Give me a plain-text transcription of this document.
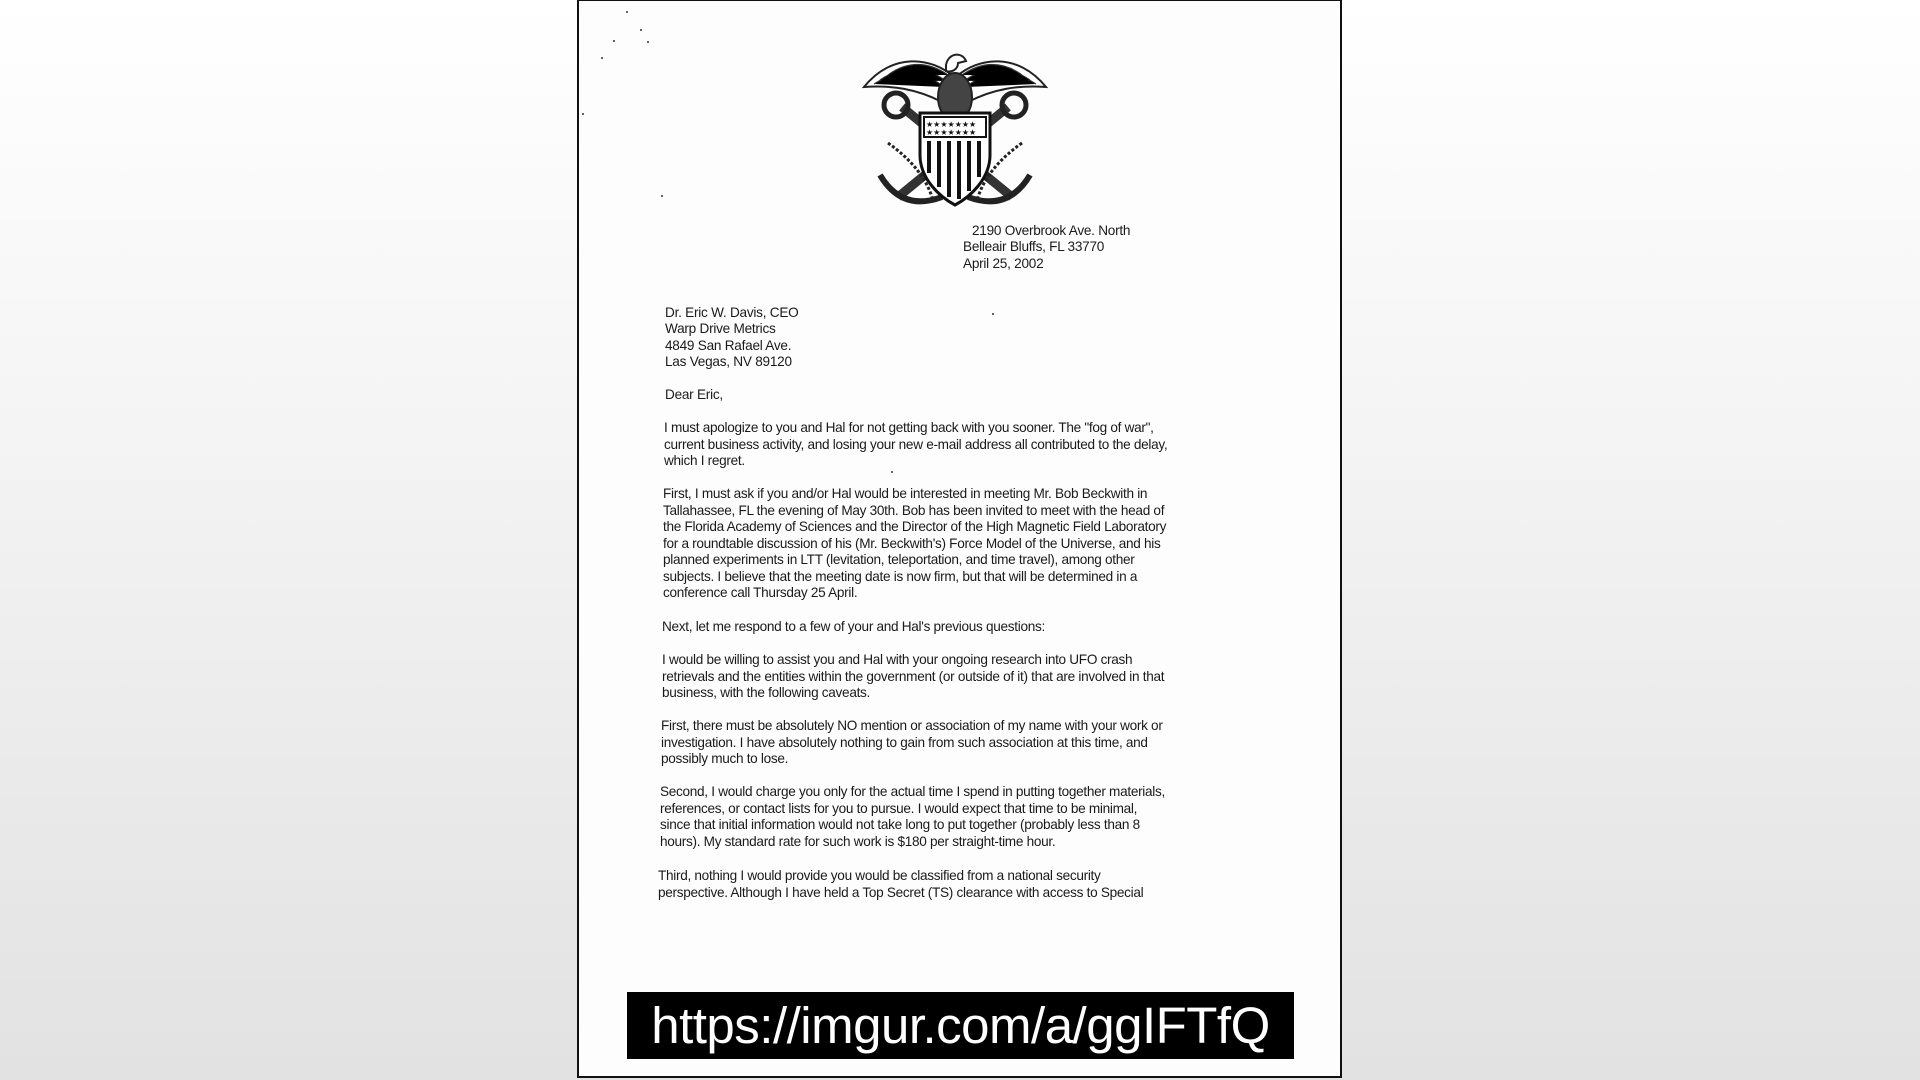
★★★★★★★
★★★★★★★
2190 Overbrook Ave. North
Belleair Bluffs, FL 33770
April 25, 2002
Dr. Eric W. Davis, CEO
Warp Drive Metrics
4849 San Rafael Ave.
Las Vegas, NV 89120
Dear Eric,
I must apologize to you and Hal for not getting back with you sooner. The "fog of war",
current business activity, and losing your new e-mail address all contributed to the delay,
which I regret.
First, I must ask if you and/or Hal would be interested in meeting Mr. Bob Beckwith in
Tallahassee, FL the evening of May 30th. Bob has been invited to meet with the head of
the Florida Academy of Sciences and the Director of the High Magnetic Field Laboratory
for a roundtable discussion of his (Mr. Beckwith's) Force Model of the Universe, and his
planned experiments in LTT (levitation, teleportation, and time travel), among other
subjects. I believe that the meeting date is now firm, but that will be determined in a
conference call Thursday 25 April.
Next, let me respond to a few of your and Hal's previous questions:
I would be willing to assist you and Hal with your ongoing research into UFO crash
retrievals and the entities within the government (or outside of it) that are involved in that
business, with the following caveats.
First, there must be absolutely NO mention or association of my name with your work or
investigation. I have absolutely nothing to gain from such association at this time, and
possibly much to lose.
Second, I would charge you only for the actual time I spend in putting together materials,
references, or contact lists for you to pursue. I would expect that time to be minimal,
since that initial information would not take long to put together (probably less than 8
hours). My standard rate for such work is $180 per straight-time hour.
Third, nothing I would provide you would be classified from a national security
perspective. Although I have held a Top Secret (TS) clearance with access to Special
https://imgur.com/a/ggIFTfQ
